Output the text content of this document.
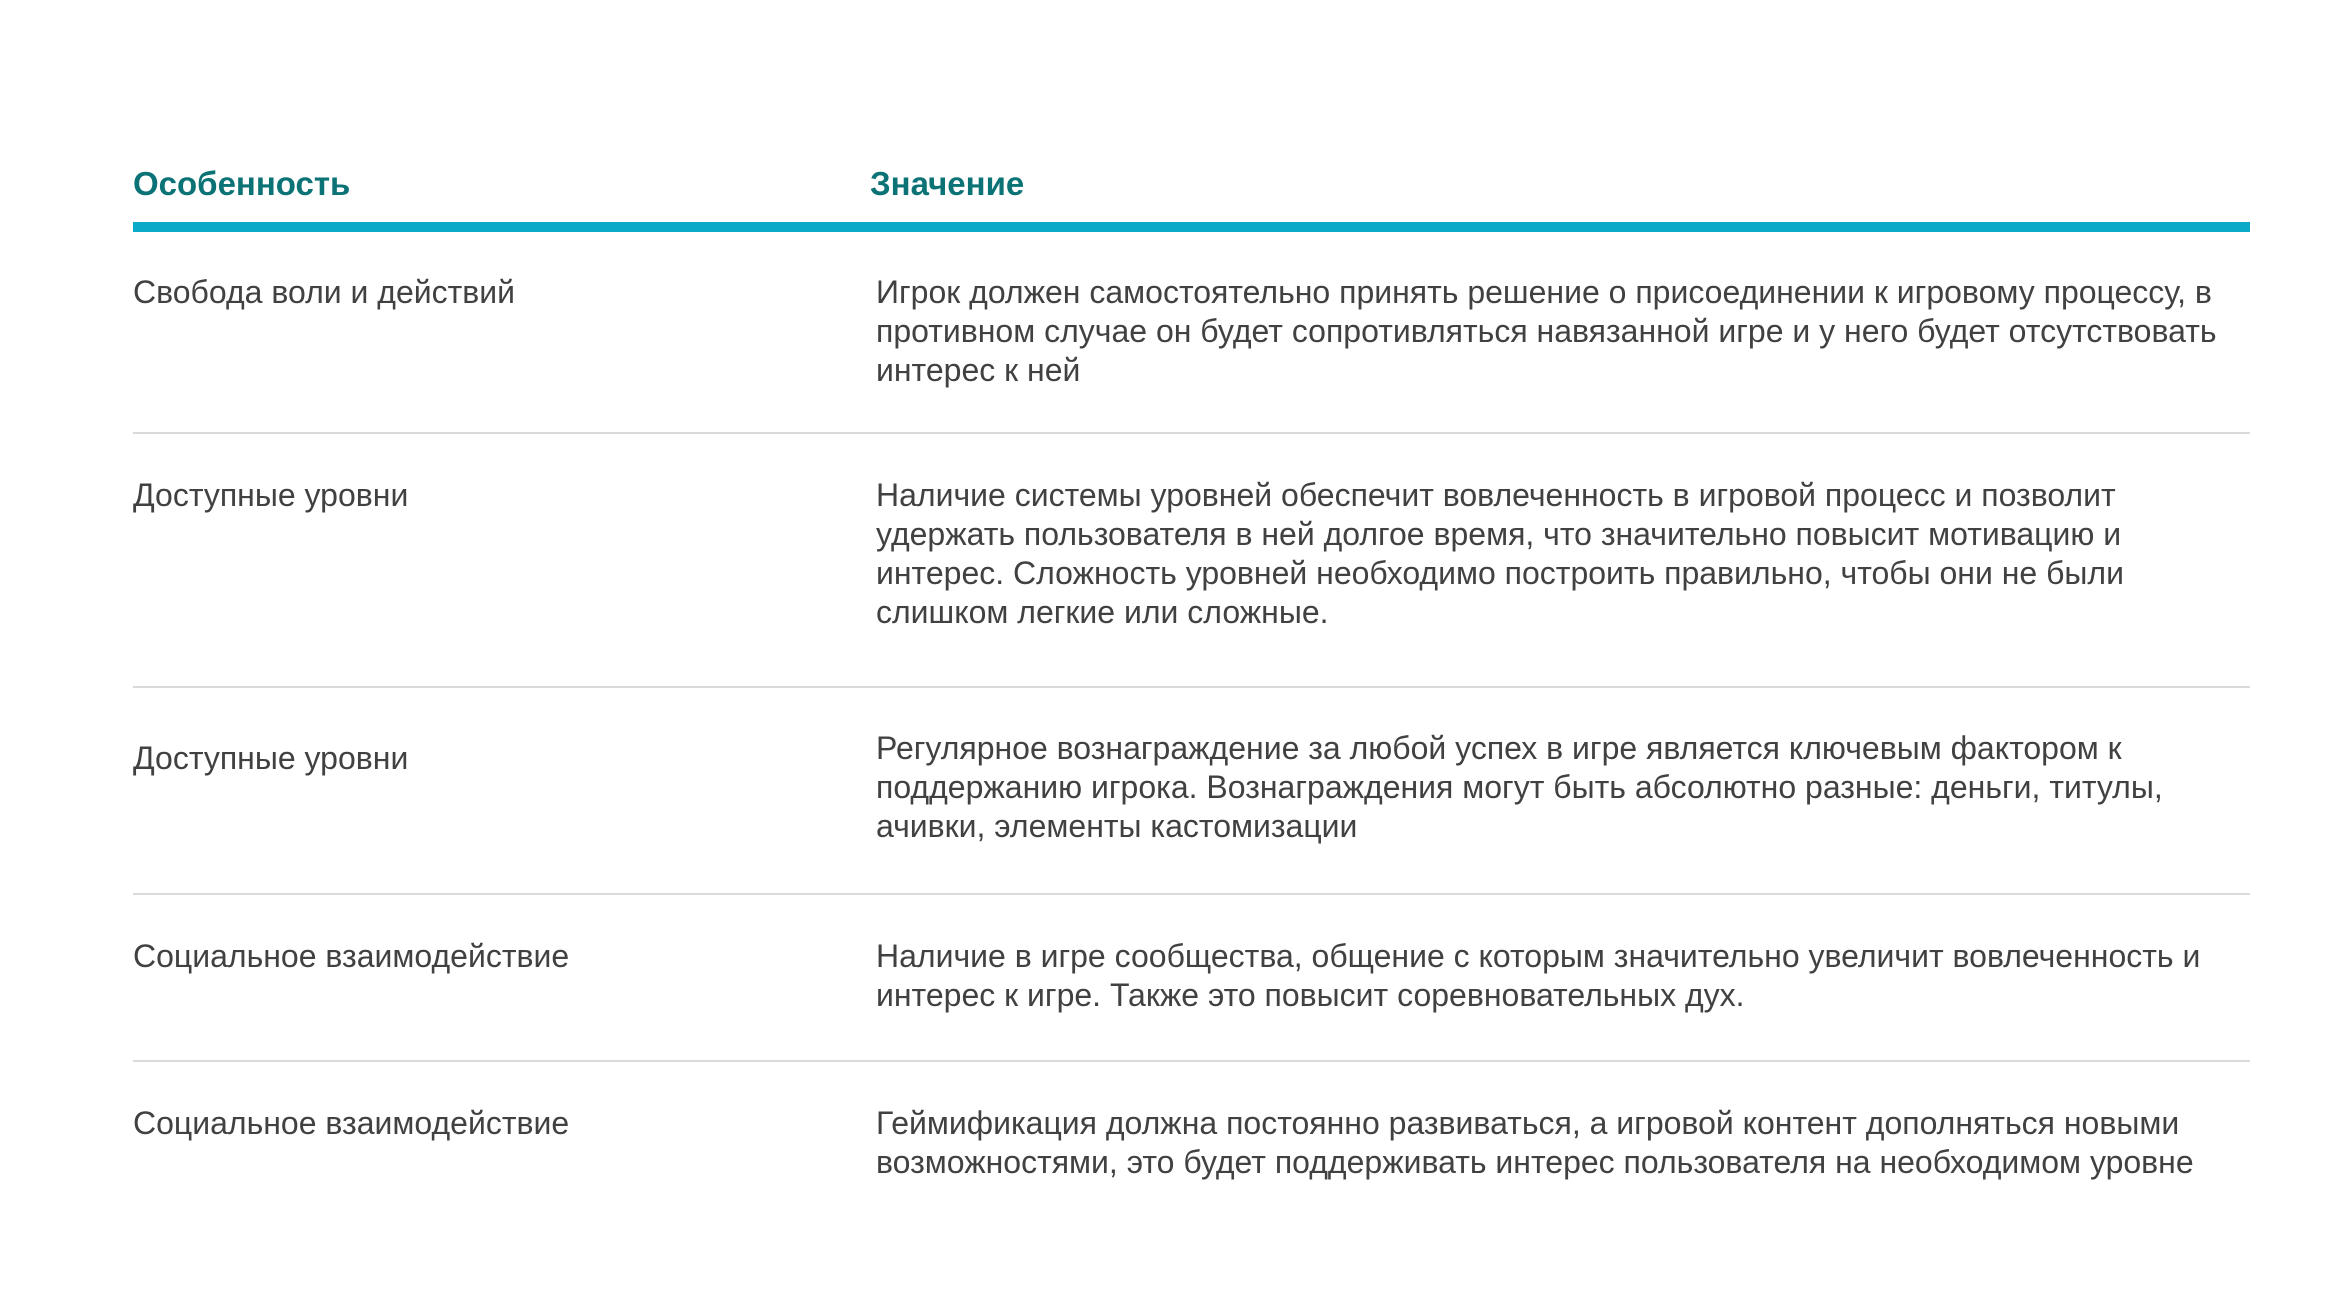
Особенность	Значение
Свобода воли и действий	Игрок должен самостоятельно принять решение о присоединении к игровому процессу, в противном случае он будет сопротивляться навязанной игре и у него будет отсутствовать интерес к ней
Доступные уровни	Наличие системы уровней обеспечит вовлеченность в игровой процесс и позволит удержать пользователя в ней долгое время, что значительно повысит мотивацию и интерес. Сложность уровней необходимо построить правильно, чтобы они не были слишком легкие или сложные.
Доступные уровни	Регулярное вознаграждение за любой успех в игре является ключевым фактором к поддержанию игрока. Вознаграждения могут быть абсолютно разные: деньги, титулы, ачивки, элементы кастомизации
Социальное взаимодействие	Наличие в игре сообщества, общение с которым значительно увеличит вовлеченность и интерес к игре. Также это повысит соревновательных дух.
Социальное взаимодействие	Геймификация должна постоянно развиваться, а игровой контент дополняться новыми возможностями, это будет поддерживать интерес пользователя на необходимом уровне
